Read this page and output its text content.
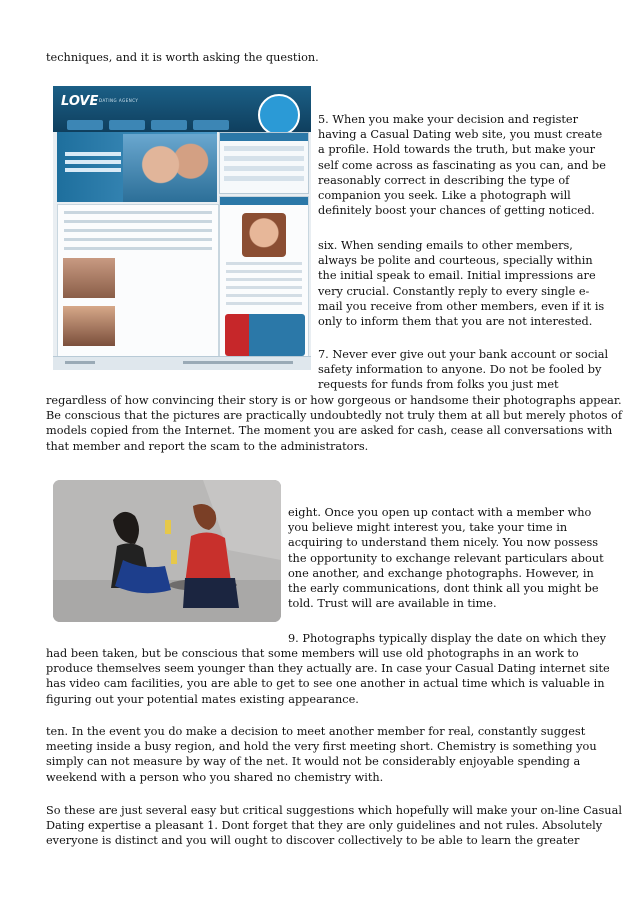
techniques, and it is worth asking the question.
LOVE DATING AGENCY
5. When you make your decision and register
having a Casual Dating web site, you must create
a profile. Hold towards the truth, but make your
self come across as fascinating as you can, and be
reasonably correct in describing the type of
companion you seek. Like a photograph will
definitely boost your chances of getting noticed.
six. When sending emails to other members,
always be polite and courteous, specially within
the initial speak to email. Initial impressions are
very crucial. Constantly reply to every single e-
mail you receive from other members, even if it is
only to inform them that you are not interested.
7. Never ever give out your bank account or social
safety information to anyone. Do not be fooled by
requests for funds from folks you just met
regardless of how convincing their story is or how gorgeous or handsome their photographs appear.
Be conscious that the pictures are practically undoubtedly not truly them at all but merely photos of
models copied from the Internet. The moment you are asked for cash, cease all conversations with
that member and report the scam to the administrators.
eight. Once you open up contact with a member who
you believe might interest you, take your time in
acquiring to understand them nicely. You now possess
the opportunity to exchange relevant particulars about
one another, and exchange photographs. However, in
the early communications, dont think all you might be
told. Trust will are available in time.
9. Photographs typically display the date on which they
had been taken, but be conscious that some members will use old photographs in an work to
produce themselves seem younger than they actually are. In case your Casual Dating internet site
has video cam facilities, you are able to get to see one another in actual time which is valuable in
figuring out your potential mates existing appearance.
ten. In the event you do make a decision to meet another member for real, constantly suggest
meeting inside a busy region, and hold the very first meeting short. Chemistry is something you
simply can not measure by way of the net. It would not be considerably enjoyable spending a
weekend with a person who you shared no chemistry with.
So these are just several easy but critical suggestions which hopefully will make your on-line Casual
Dating expertise a pleasant 1. Dont forget that they are only guidelines and not rules. Absolutely
everyone is distinct and you will ought to discover collectively to be able to learn the greater
